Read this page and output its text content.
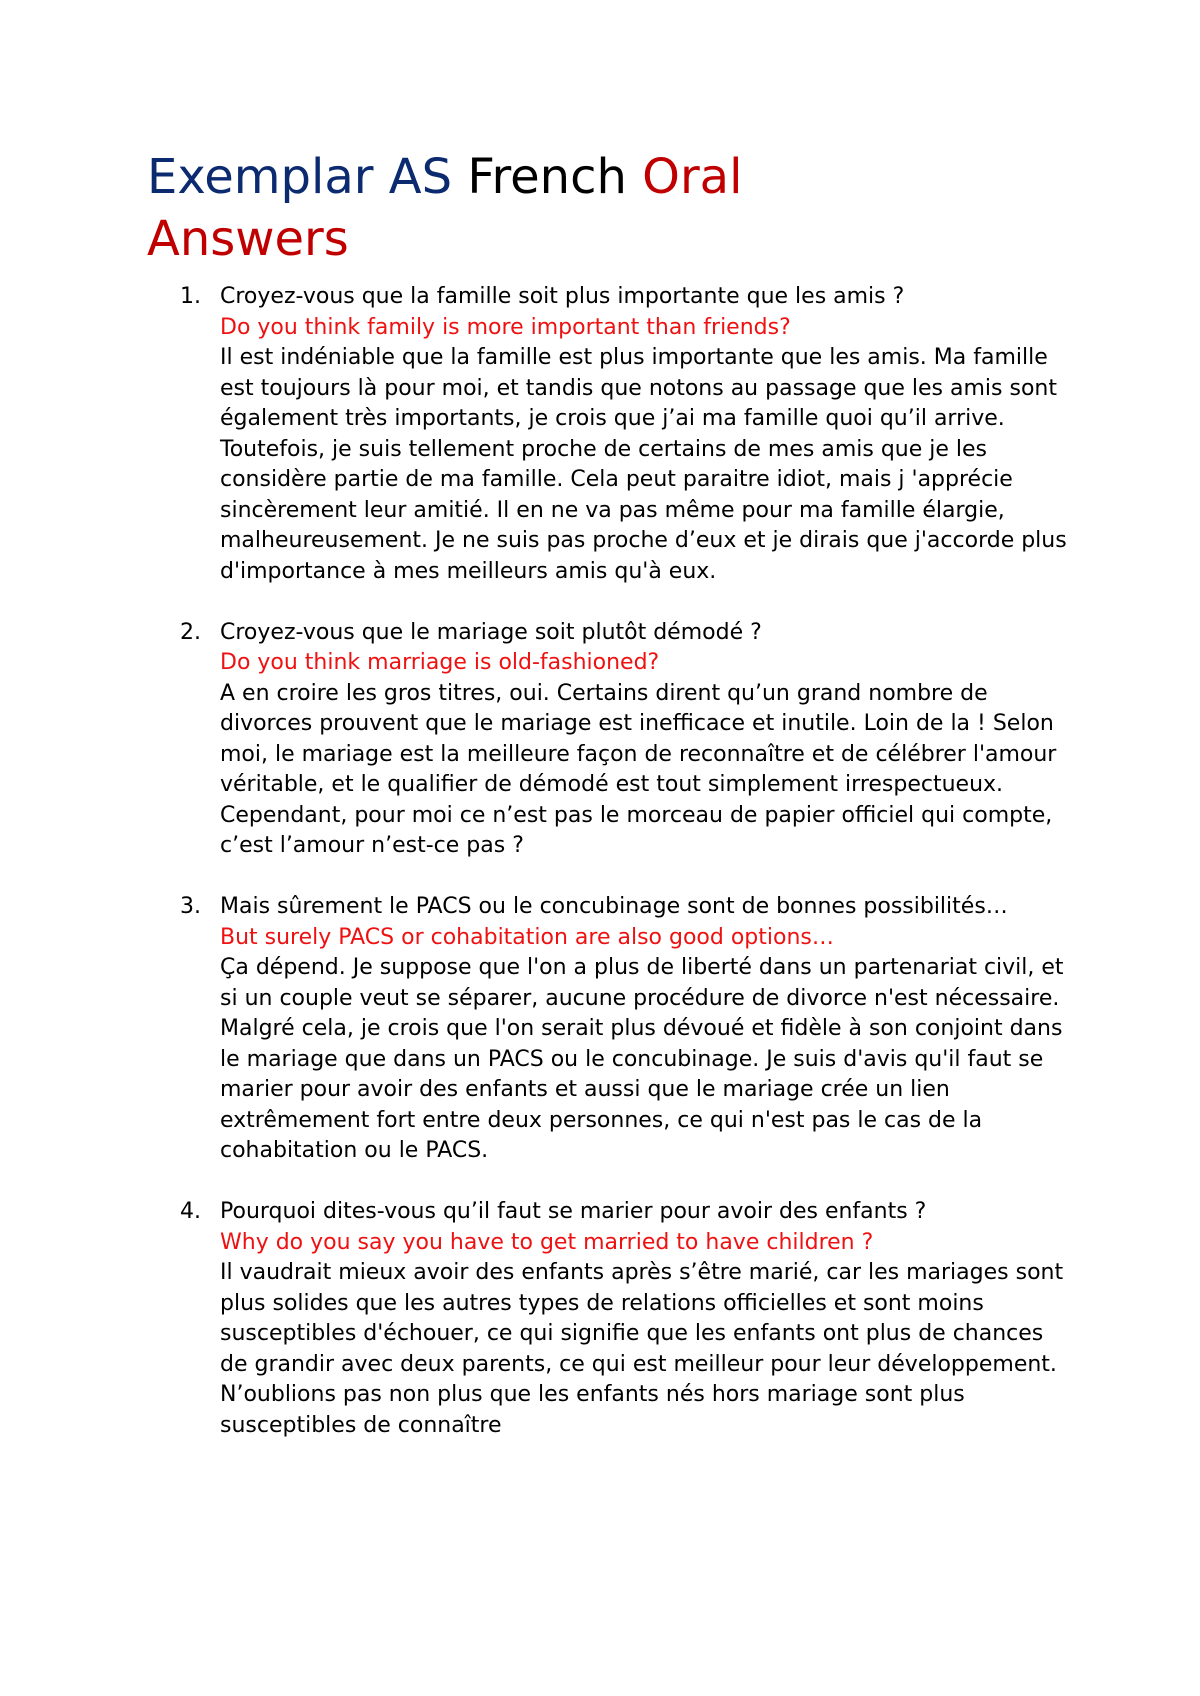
Exemplar AS French Oral
Answers
1. Croyez-vous que la famille soit plus importante que les amis ?
Do you think family is more important than friends?
Il est indéniable que la famille est plus importante que les amis. Ma famille est toujours là pour moi, et tandis que notons au passage que les amis sont également très importants, je crois que j’ai ma famille quoi qu’il arrive. Toutefois, je suis tellement proche de certains de mes amis que je les considère partie de ma famille. Cela peut paraitre idiot, mais j 'apprécie sincèrement leur amitié. Il en ne va pas même pour ma famille élargie, malheureusement. Je ne suis pas proche d’eux et je dirais que j'accorde plus d'importance à mes meilleurs amis qu'à eux.
2. Croyez-vous que le mariage soit plutôt démodé ?
Do you think marriage is old-fashioned?
A en croire les gros titres, oui. Certains dirent qu’un grand nombre de divorces prouvent que le mariage est inefficace et inutile. Loin de la ! Selon moi, le mariage est la meilleure façon de reconnaître et de célébrer l'amour véritable, et le qualifier de démodé est tout simplement irrespectueux. Cependant, pour moi ce n’est pas le morceau de papier officiel qui compte, c’est l’amour n’est-ce pas ?
3. Mais sûrement le PACS ou le concubinage sont de bonnes possibilités…
But surely PACS or cohabitation are also good options…
Ça dépend. Je suppose que l'on a plus de liberté dans un partenariat civil, et si un couple veut se séparer, aucune procédure de divorce n'est nécessaire. Malgré cela, je crois que l'on serait plus dévoué et fidèle à son conjoint dans le mariage que dans un PACS ou le concubinage. Je suis d'avis qu'il faut se marier pour avoir des enfants et aussi que le mariage crée un lien extrêmement fort entre deux personnes, ce qui n'est pas le cas de la cohabitation ou le PACS.
4. Pourquoi dites-vous qu’il faut se marier pour avoir des enfants ?
Why do you say you have to get married to have children ?
Il vaudrait mieux avoir des enfants après s’être marié, car les mariages sont plus solides que les autres types de relations officielles et sont moins susceptibles d'échouer, ce qui signifie que les enfants ont plus de chances de grandir avec deux parents, ce qui est meilleur pour leur développement. N’oublions pas non plus que les enfants nés hors mariage sont plus susceptibles de connaître
